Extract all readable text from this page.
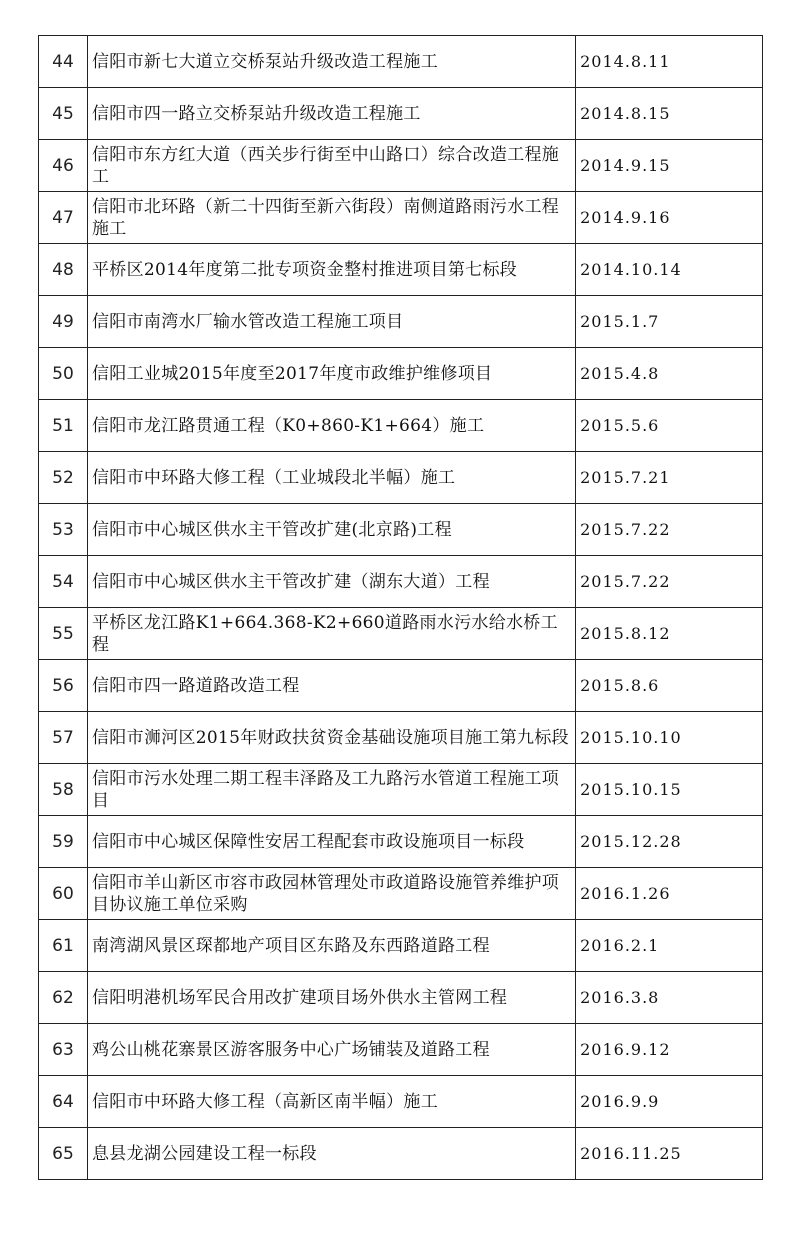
44	信阳市新七大道立交桥泵站升级改造工程施工	2014.8.11
45	信阳市四一路立交桥泵站升级改造工程施工	2014.8.15
46	信阳市东方红大道（西关步行街至中山路口）综合改造工程施工	2014.9.15
47	信阳市北环路（新二十四街至新六街段）南侧道路雨污水工程施工	2014.9.16
48	平桥区2014年度第二批专项资金整村推进项目第七标段	2014.10.14
49	信阳市南湾水厂输水管改造工程施工项目	2015.1.7
50	信阳工业城2015年度至2017年度市政维护维修项目	2015.4.8
51	信阳市龙江路贯通工程（K0+860-K1+664）施工	2015.5.6
52	信阳市中环路大修工程（工业城段北半幅）施工	2015.7.21
53	信阳市中心城区供水主干管改扩建(北京路)工程	2015.7.22
54	信阳市中心城区供水主干管改扩建（湖东大道）工程	2015.7.22
55	平桥区龙江路K1+664.368-K2+660道路雨水污水给水桥工程	2015.8.12
56	信阳市四一路道路改造工程	2015.8.6
57	信阳市浉河区2015年财政扶贫资金基础设施项目施工第九标段	2015.10.10
58	信阳市污水处理二期工程丰泽路及工九路污水管道工程施工项目	2015.10.15
59	信阳市中心城区保障性安居工程配套市政设施项目一标段	2015.12.28
60	信阳市羊山新区市容市政园林管理处市政道路设施管养维护项目协议施工单位采购	2016.1.26
61	南湾湖风景区琛都地产项目区东路及东西路道路工程	2016.2.1
62	信阳明港机场军民合用改扩建项目场外供水主管网工程	2016.3.8
63	鸡公山桃花寨景区游客服务中心广场铺装及道路工程	2016.9.12
64	信阳市中环路大修工程（高新区南半幅）施工	2016.9.9
65	息县龙湖公园建设工程一标段	2016.11.25
